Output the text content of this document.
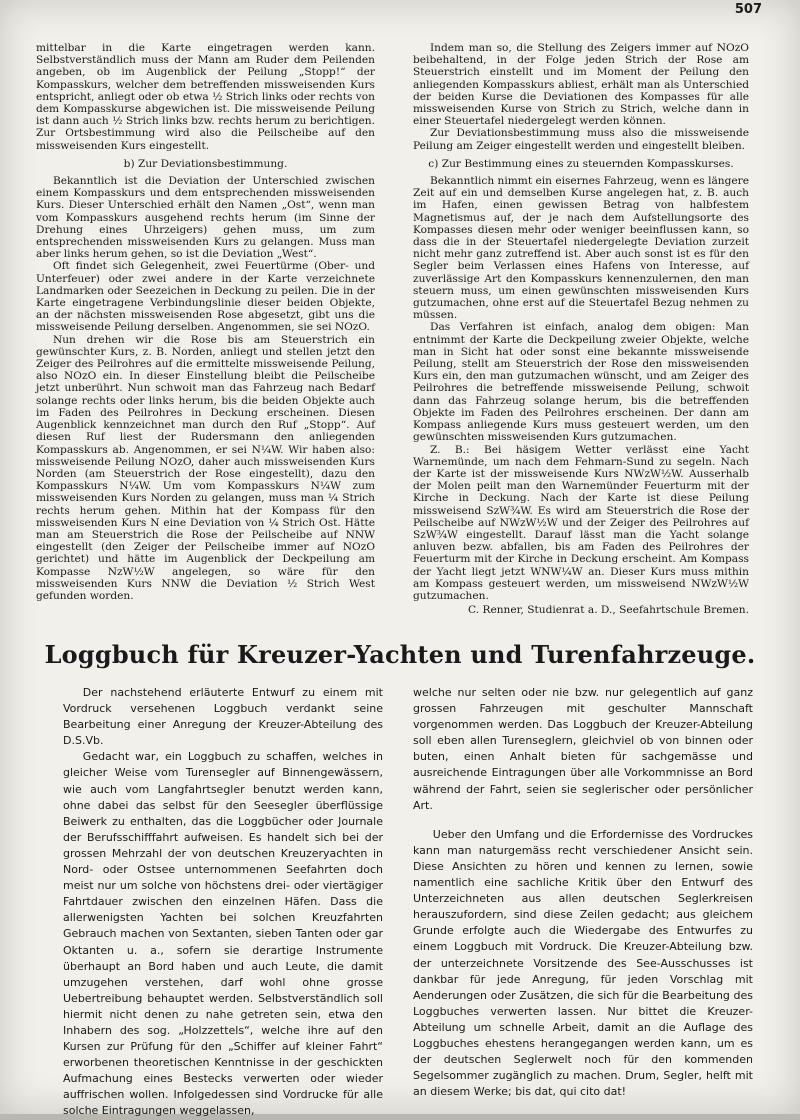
507

mittelbar in die Karte eingetragen werden kann. Selbstverständlich muss der Mann am Ruder dem Peilenden angeben, ob im Augenblick der Peilung „Stopp!“ der Kompasskurs, welcher dem betreffenden missweisenden Kurs entspricht, anliegt oder ob etwa ½ Strich links oder rechts von dem Kompasskurse abgewichen ist. Die missweisende Peilung ist dann auch ½ Strich links bzw. rechts herum zu berichtigen. Zur Ortsbestimmung wird also die Peilscheibe auf den missweisenden Kurs eingestellt.

b) Zur Deviationsbestimmung.

Bekanntlich ist die Deviation der Unterschied zwischen einem Kompasskurs und dem entsprechenden missweisenden Kurs. Dieser Unterschied erhält den Namen „Ost“, wenn man vom Kompasskurs ausgehend rechts herum (im Sinne der Drehung eines Uhrzeigers) gehen muss, um zum entsprechenden missweisenden Kurs zu gelangen. Muss man aber links herum gehen, so ist die Deviation „West“.

Oft findet sich Gelegenheit, zwei Feuertürme (Ober- und Unterfeuer) oder zwei andere in der Karte verzeichnete Landmarken oder Seezeichen in Deckung zu peilen. Die in der Karte eingetragene Verbindungslinie dieser beiden Objekte, an der nächsten missweisenden Rose abgesetzt, gibt uns die missweisende Peilung derselben. Angenommen, sie sei NOzO.

Nun drehen wir die Rose bis am Steuerstrich ein gewünschter Kurs, z. B. Norden, anliegt und stellen jetzt den Zeiger des Peilrohres auf die ermittelte missweisende Peilung, also NOzO ein. In dieser Einstellung bleibt die Peilscheibe jetzt unberührt. Nun schwoit man das Fahrzeug nach Bedarf solange rechts oder links herum, bis die beiden Objekte auch im Faden des Peilrohres in Deckung erscheinen. Diesen Augenblick kennzeichnet man durch den Ruf „Stopp“. Auf diesen Ruf liest der Rudersmann den anliegenden Kompasskurs ab. Angenommen, er sei N¼W. Wir haben also: missweisende Peilung NOzO, daher auch missweisenden Kurs Norden (am Steuerstrich der Rose eingestellt), dazu den Kompasskurs N¼W. Um vom Kompasskurs N¼W zum missweisenden Kurs Norden zu gelangen, muss man ¼ Strich rechts herum gehen. Mithin hat der Kompass für den missweisenden Kurs N eine Deviation von ¼ Strich Ost. Hätte man am Steuerstrich die Rose der Peilscheibe auf NNW eingestellt (den Zeiger der Peilscheibe immer auf NOzO gerichtet) und hätte im Augenblick der Deckpeilung am Kompasse NzW½W angelegen, so wäre für den missweisenden Kurs NNW die Deviation ½ Strich West gefunden worden.

Indem man so, die Stellung des Zeigers immer auf NOzO beibehaltend, in der Folge jeden Strich der Rose am Steuerstrich einstellt und im Moment der Peilung den anliegenden Kompasskurs abliest, erhält man als Unterschied der beiden Kurse die Deviationen des Kompasses für alle missweisenden Kurse von Strich zu Strich, welche dann in einer Steuertafel niedergelegt werden können.

Zur Deviationsbestimmung muss also die missweisende Peilung am Zeiger eingestellt werden und eingestellt bleiben.

c) Zur Bestimmung eines zu steuernden Kompasskurses.

Bekanntlich nimmt ein eisernes Fahrzeug, wenn es längere Zeit auf ein und demselben Kurse angelegen hat, z. B. auch im Hafen, einen gewissen Betrag von halbfestem Magnetismus auf, der je nach dem Aufstellungsorte des Kompasses diesen mehr oder weniger beeinflussen kann, so dass die in der Steuertafel niedergelegte Deviation zurzeit nicht mehr ganz zutreffend ist. Aber auch sonst ist es für den Segler beim Verlassen eines Hafens von Interesse, auf zuverlässige Art den Kompasskurs kennenzulernen, den man steuern muss, um einen gewünschten missweisenden Kurs gutzumachen, ohne erst auf die Steuertafel Bezug nehmen zu müssen.

Das Verfahren ist einfach, analog dem obigen: Man entnimmt der Karte die Deckpeilung zweier Objekte, welche man in Sicht hat oder sonst eine bekannte missweisende Peilung, stellt am Steuerstrich der Rose den missweisenden Kurs ein, den man gutzumachen wünscht, und am Zeiger des Peilrohres die betreffende missweisende Peilung, schwoit dann das Fahrzeug solange herum, bis die betreffenden Objekte im Faden des Peilrohres erscheinen. Der dann am Kompass anliegende Kurs muss gesteuert werden, um den gewünschten missweisenden Kurs gutzumachen.

Z. B.: Bei häsigem Wetter verlässt eine Yacht Warnemünde, um nach dem Fehmarn-Sund zu segeln. Nach der Karte ist der missweisende Kurs NWzW½W. Ausserhalb der Molen peilt man den Warnemünder Feuerturm mit der Kirche in Deckung. Nach der Karte ist diese Peilung missweisend SzW¾W. Es wird am Steuerstrich die Rose der Peilscheibe auf NWzW½W und der Zeiger des Peilrohres auf SzW¾W eingestellt. Darauf lässt man die Yacht solange anluven bezw. abfallen, bis am Faden des Peilrohres der Feuerturm mit der Kirche in Deckung erscheint. Am Kompass der Yacht liegt jetzt WNW¼W an. Dieser Kurs muss mithin am Kompass gesteuert werden, um missweisend NWzW½W gutzumachen.

C. Renner, Studienrat a. D., Seefahrtschule Bremen.

Loggbuch für Kreuzer-Yachten und Turenfahrzeuge.

Der nachstehend erläuterte Entwurf zu einem mit Vordruck versehenen Loggbuch verdankt seine Bearbeitung einer Anregung der Kreuzer-Abteilung des D.S.Vb.

Gedacht war, ein Loggbuch zu schaffen, welches in gleicher Weise vom Turensegler auf Binnengewässern, wie auch vom Langfahrtsegler benutzt werden kann, ohne dabei das selbst für den Seesegler überflüssige Beiwerk zu enthalten, das die Loggbücher oder Journale der Berufsschifffahrt aufweisen. Es handelt sich bei der grossen Mehrzahl der von deutschen Kreuzeryachten in Nord- oder Ostsee unternommenen Seefahrten doch meist nur um solche von höchstens drei- oder viertägiger Fahrtdauer zwischen den einzelnen Häfen. Dass die allerwenigsten Yachten bei solchen Kreuzfahrten Gebrauch machen von Sextanten, sieben Tanten oder gar Oktanten u. a., sofern sie derartige Instrumente überhaupt an Bord haben und auch Leute, die damit umzugehen verstehen, darf wohl ohne grosse Uebertreibung behauptet werden. Selbstverständlich soll hiermit nicht denen zu nahe getreten sein, etwa den Inhabern des sog. „Holzzettels“, welche ihre auf den Kursen zur Prüfung für den „Schiffer auf kleiner Fahrt“ erworbenen theoretischen Kenntnisse in der geschickten Aufmachung eines Bestecks verwerten oder wieder auffrischen wollen. Infolgedessen sind Vordrucke für alle solche Eintragungen weggelassen,

welche nur selten oder nie bzw. nur gelegentlich auf ganz grossen Fahrzeugen mit geschulter Mannschaft vorgenommen werden. Das Loggbuch der Kreuzer-Abteilung soll eben allen Turenseglern, gleichviel ob von binnen oder buten, einen Anhalt bieten für sachgemässe und ausreichende Eintragungen über alle Vorkommnisse an Bord während der Fahrt, seien sie seglerischer oder persönlicher Art.

Ueber den Umfang und die Erfordernisse des Vordruckes kann man naturgemäss recht verschiedener Ansicht sein. Diese Ansichten zu hören und kennen zu lernen, sowie namentlich eine sachliche Kritik über den Entwurf des Unterzeichneten aus allen deutschen Seglerkreisen herauszufordern, sind diese Zeilen gedacht; aus gleichem Grunde erfolgte auch die Wiedergabe des Entwurfes zu einem Loggbuch mit Vordruck. Die Kreuzer-Abteilung bzw. der unterzeichnete Vorsitzende des See-Ausschusses ist dankbar für jede Anregung, für jeden Vorschlag mit Aenderungen oder Zusätzen, die sich für die Bearbeitung des Loggbuches verwerten lassen. Nur bittet die Kreuzer-Abteilung um schnelle Arbeit, damit an die Auflage des Loggbuches ehestens herangegangen werden kann, um es der deutschen Seglerwelt noch für den kommenden Segelsommer zugänglich zu machen. Drum, Segler, helft mit an diesem Werke; bis dat, qui cito dat!
